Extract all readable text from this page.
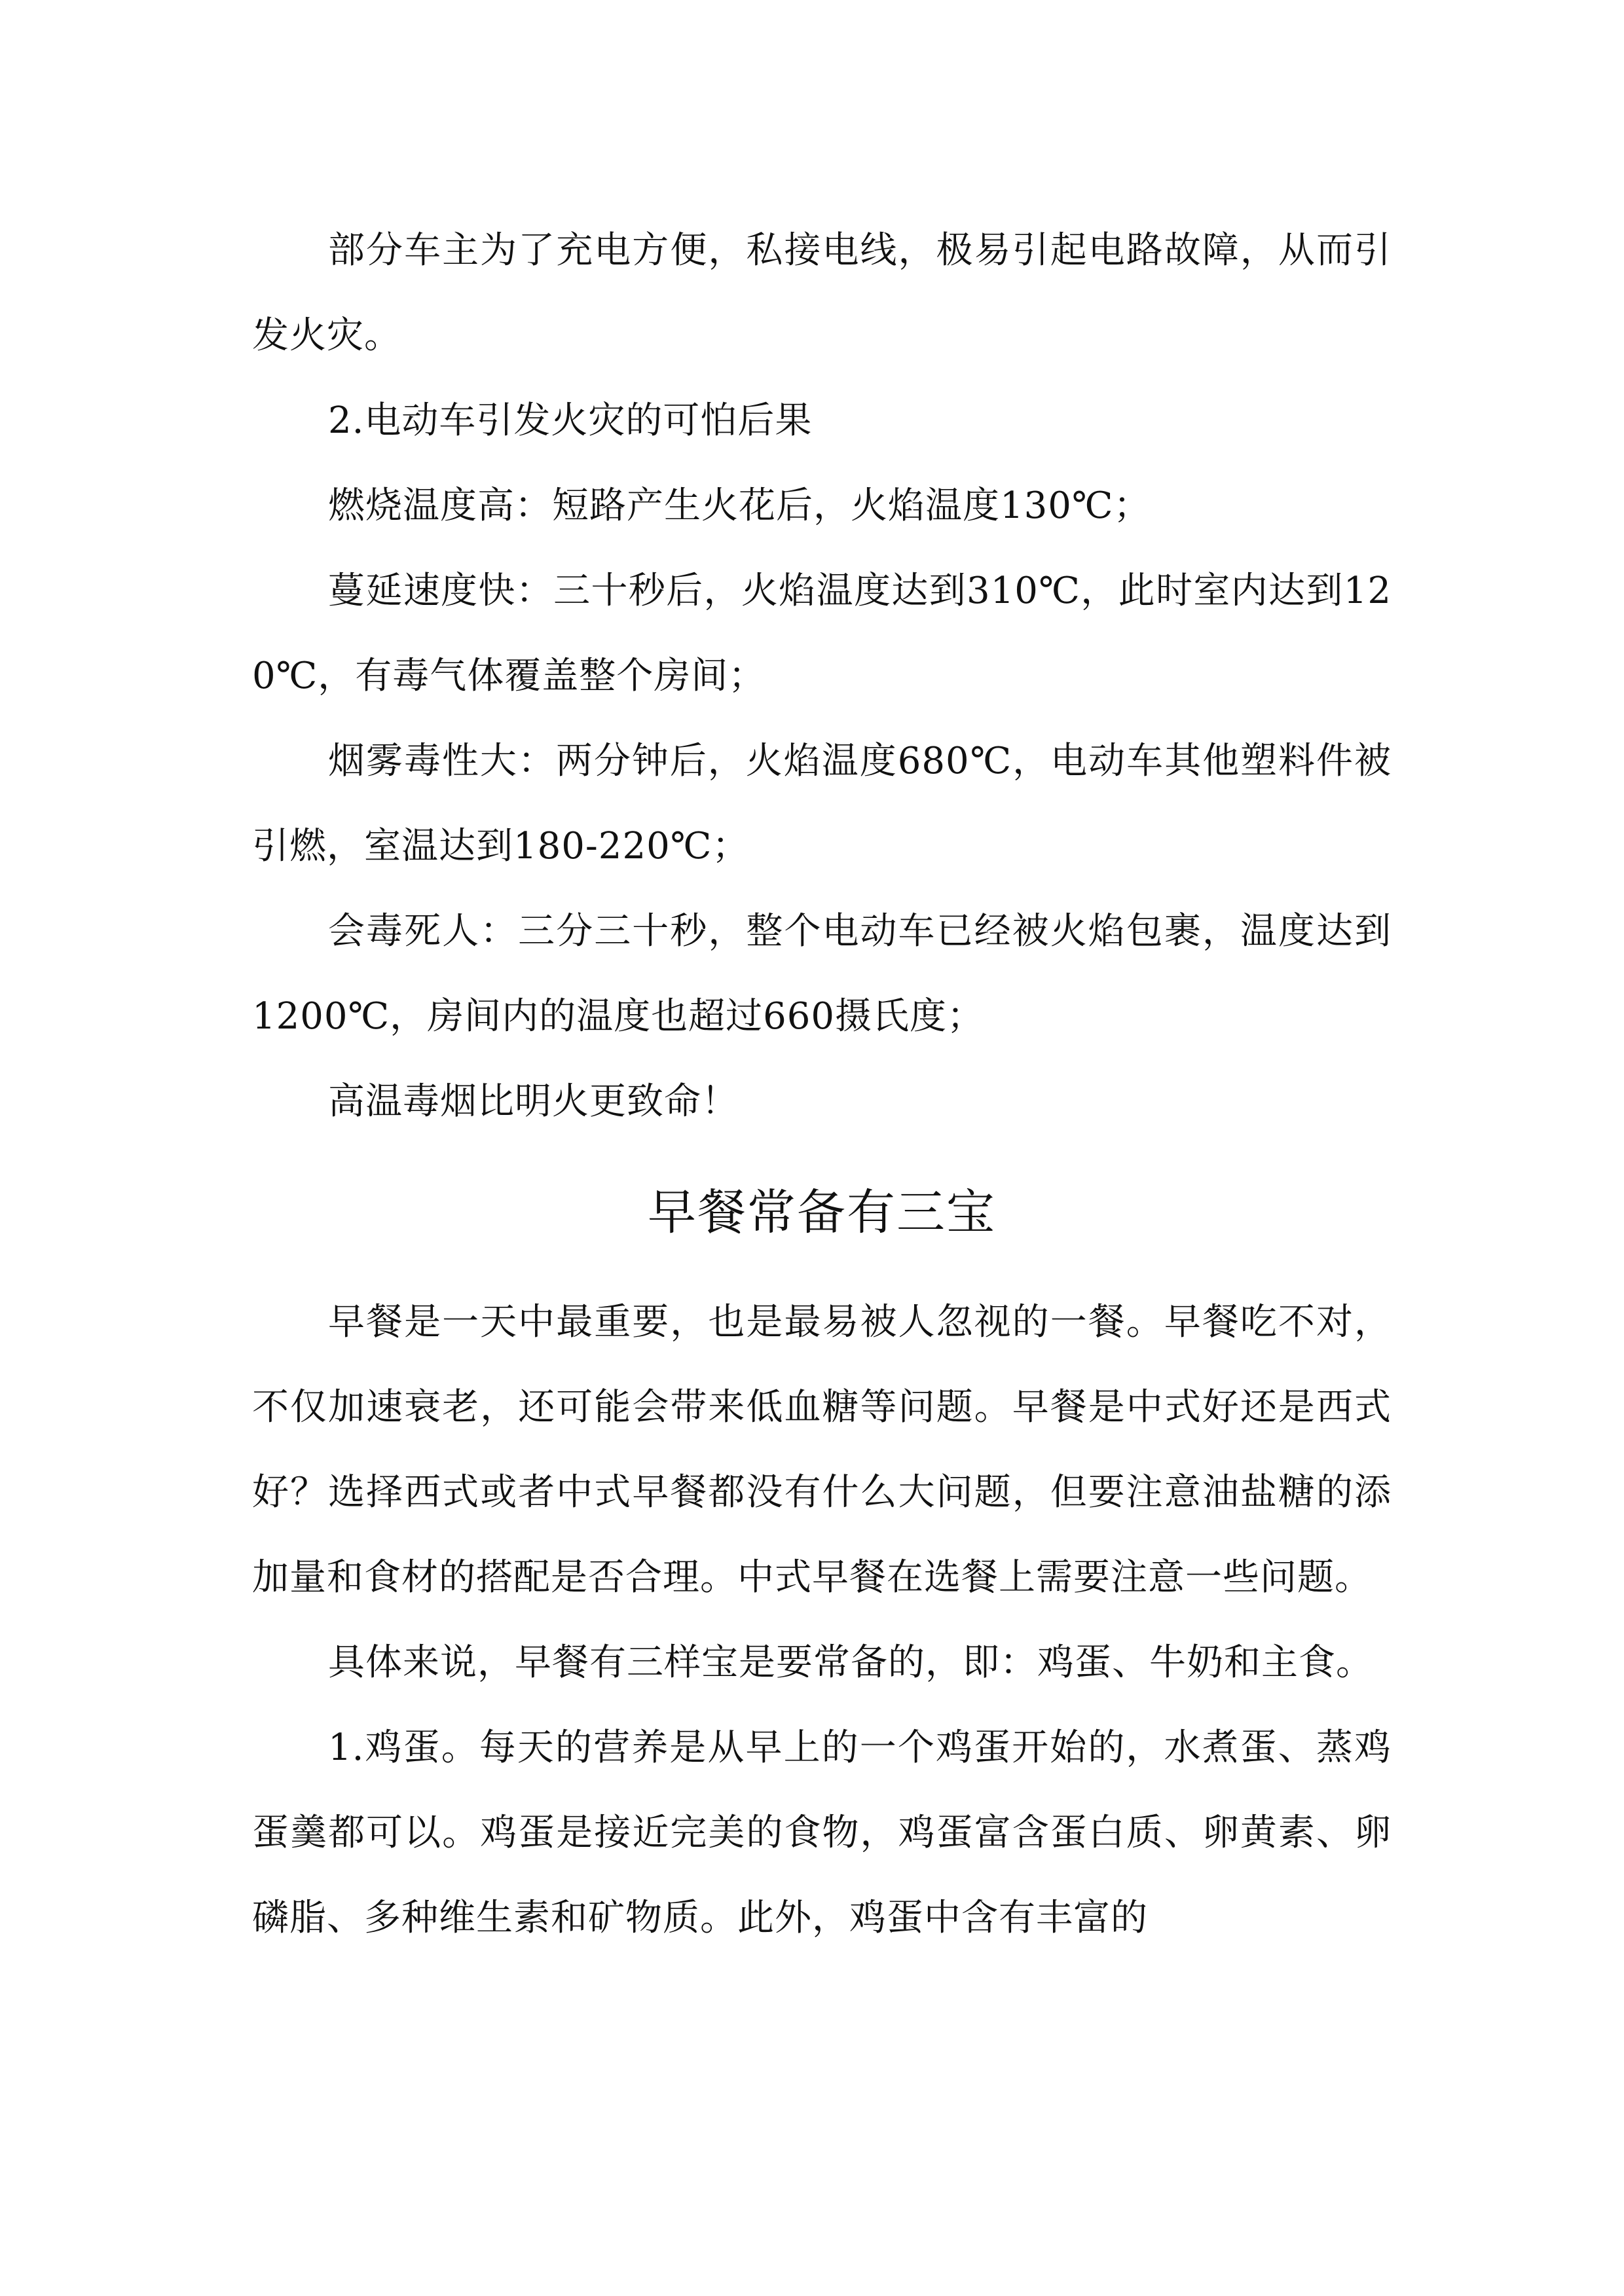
部分车主为了充电方便，私接电线，极易引起电路故障，从而引发火灾。

2.电动车引发火灾的可怕后果

燃烧温度高：短路产生火花后，火焰温度130℃；

蔓延速度快：三十秒后，火焰温度达到310℃，此时室内达到120℃，有毒气体覆盖整个房间；

烟雾毒性大：两分钟后，火焰温度680℃，电动车其他塑料件被引燃，室温达到180-220℃；

会毒死人：三分三十秒，整个电动车已经被火焰包裹，温度达到1200℃，房间内的温度也超过660摄氏度；

高温毒烟比明火更致命！

早餐常备有三宝

早餐是一天中最重要，也是最易被人忽视的一餐。早餐吃不对，不仅加速衰老，还可能会带来低血糖等问题。早餐是中式好还是西式好？选择西式或者中式早餐都没有什么大问题，但要注意油盐糖的添加量和食材的搭配是否合理。中式早餐在选餐上需要注意一些问题。

具体来说，早餐有三样宝是要常备的，即：鸡蛋、牛奶和主食。

1.鸡蛋。每天的营养是从早上的一个鸡蛋开始的，水煮蛋、蒸鸡蛋羹都可以。鸡蛋是接近完美的食物，鸡蛋富含蛋白质、卵黄素、卵磷脂、多种维生素和矿物质。此外，鸡蛋中含有丰富的
